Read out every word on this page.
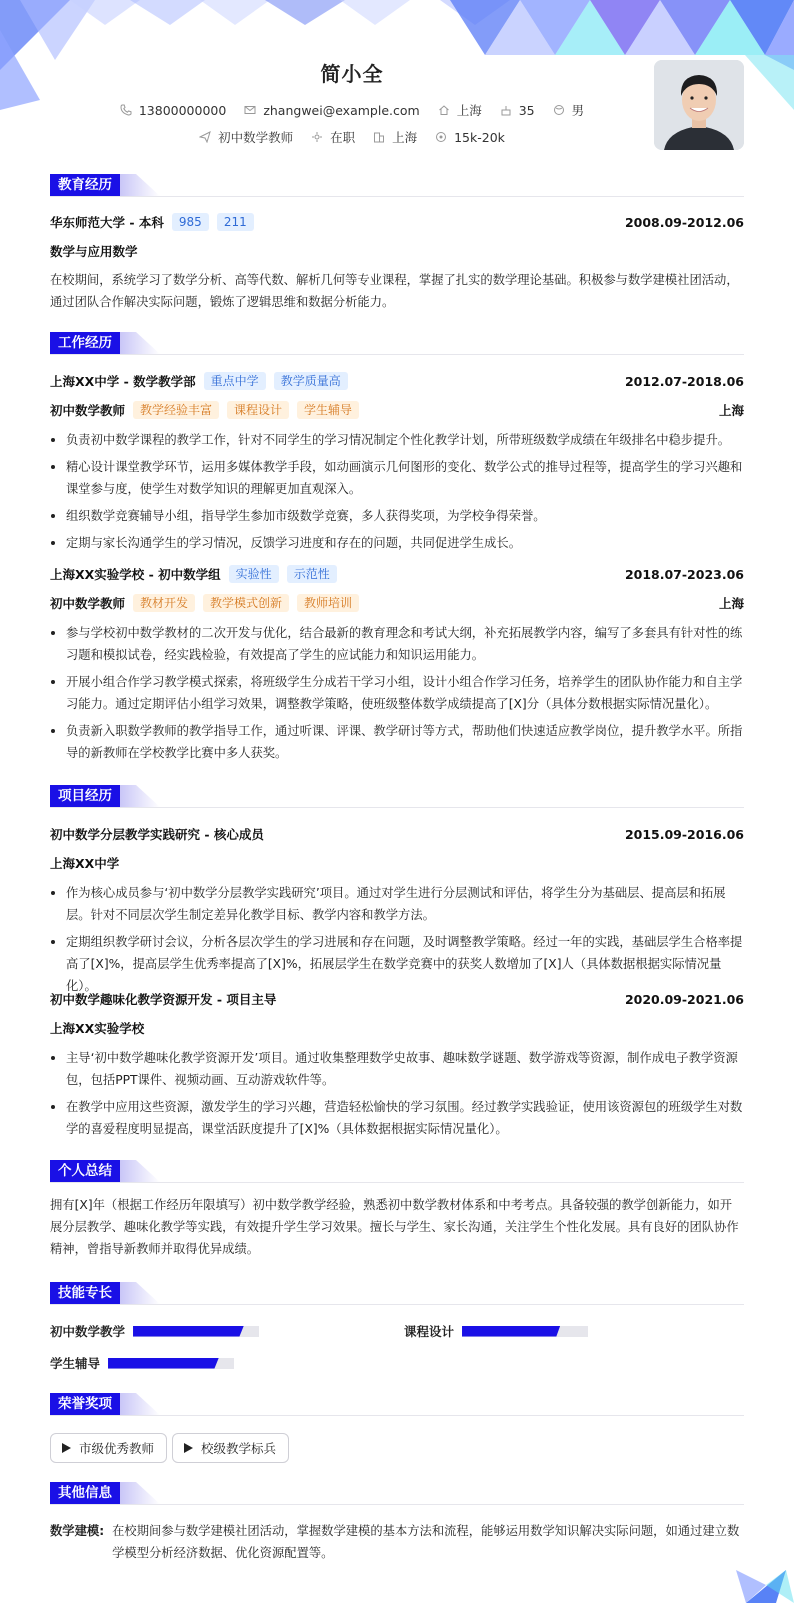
简小全
13800000000	zhangwei@example.com	上海	35	男
初中数学教师	在职	上海	15k-20k
教育经历
华东师范大学 - 本科	985	211	2008.09-2012.06
数学与应用数学
在校期间，系统学习了数学分析、高等代数、解析几何等专业课程，掌握了扎实的数学理论基础。积极参与数学建模社团活动，通过团队合作解决实际问题，锻炼了逻辑思维和数据分析能力。
工作经历
上海XX中学 - 数学教学部	重点中学	教学质量高	2012.07-2018.06
初中数学教师	教学经验丰富	课程设计	学生辅导	上海
负责初中数学课程的教学工作，针对不同学生的学习情况制定个性化教学计划，所带班级数学成绩在年级排名中稳步提升。
精心设计课堂教学环节，运用多媒体教学手段，如动画演示几何图形的变化、数学公式的推导过程等，提高学生的学习兴趣和课堂参与度，使学生对数学知识的理解更加直观深入。
组织数学竞赛辅导小组，指导学生参加市级数学竞赛，多人获得奖项，为学校争得荣誉。
定期与家长沟通学生的学习情况，反馈学习进度和存在的问题，共同促进学生成长。
上海XX实验学校 - 初中数学组	实验性	示范性	2018.07-2023.06
初中数学教师	教材开发	教学模式创新	教师培训	上海
参与学校初中数学教材的二次开发与优化，结合最新的教育理念和考试大纲，补充拓展教学内容，编写了多套具有针对性的练习题和模拟试卷，经实践检验，有效提高了学生的应试能力和知识运用能力。
开展小组合作学习教学模式探索，将班级学生分成若干学习小组，设计小组合作学习任务，培养学生的团队协作能力和自主学习能力。通过定期评估小组学习效果，调整教学策略，使班级整体数学成绩提高了[X]分（具体分数根据实际情况量化）。
负责新入职数学教师的教学指导工作，通过听课、评课、教学研讨等方式，帮助他们快速适应教学岗位，提升教学水平。所指导的新教师在学校教学比赛中多人获奖。
项目经历
初中数学分层教学实践研究 - 核心成员	2015.09-2016.06
上海XX中学
作为核心成员参与‘初中数学分层教学实践研究’项目。通过对学生进行分层测试和评估，将学生分为基础层、提高层和拓展层。针对不同层次学生制定差异化教学目标、教学内容和教学方法。
定期组织教学研讨会议，分析各层次学生的学习进展和存在问题，及时调整教学策略。经过一年的实践，基础层学生合格率提高了[X]%，提高层学生优秀率提高了[X]%，拓展层学生在数学竞赛中的获奖人数增加了[X]人（具体数据根据实际情况量化）。
初中数学趣味化教学资源开发 - 项目主导	2020.09-2021.06
上海XX实验学校
主导‘初中数学趣味化教学资源开发’项目。通过收集整理数学史故事、趣味数学谜题、数学游戏等资源，制作成电子教学资源包，包括PPT课件、视频动画、互动游戏软件等。
在教学中应用这些资源，激发学生的学习兴趣，营造轻松愉快的学习氛围。经过教学实践验证，使用该资源包的班级学生对数学的喜爱程度明显提高，课堂活跃度提升了[X]%（具体数据根据实际情况量化）。
个人总结
拥有[X]年（根据工作经历年限填写）初中数学教学经验，熟悉初中数学教材体系和中考考点。具备较强的教学创新能力，如开展分层教学、趣味化教学等实践，有效提升学生学习效果。擅长与学生、家长沟通，关注学生个性化发展。具有良好的团队协作精神，曾指导新教师并取得优异成绩。
技能专长
初中数学教学	课程设计
学生辅导
荣誉奖项
市级优秀教师	校级教学标兵
其他信息
数学建模: 在校期间参与数学建模社团活动，掌握数学建模的基本方法和流程，能够运用数学知识解决实际问题，如通过建立数学模型分析经济数据、优化资源配置等。
